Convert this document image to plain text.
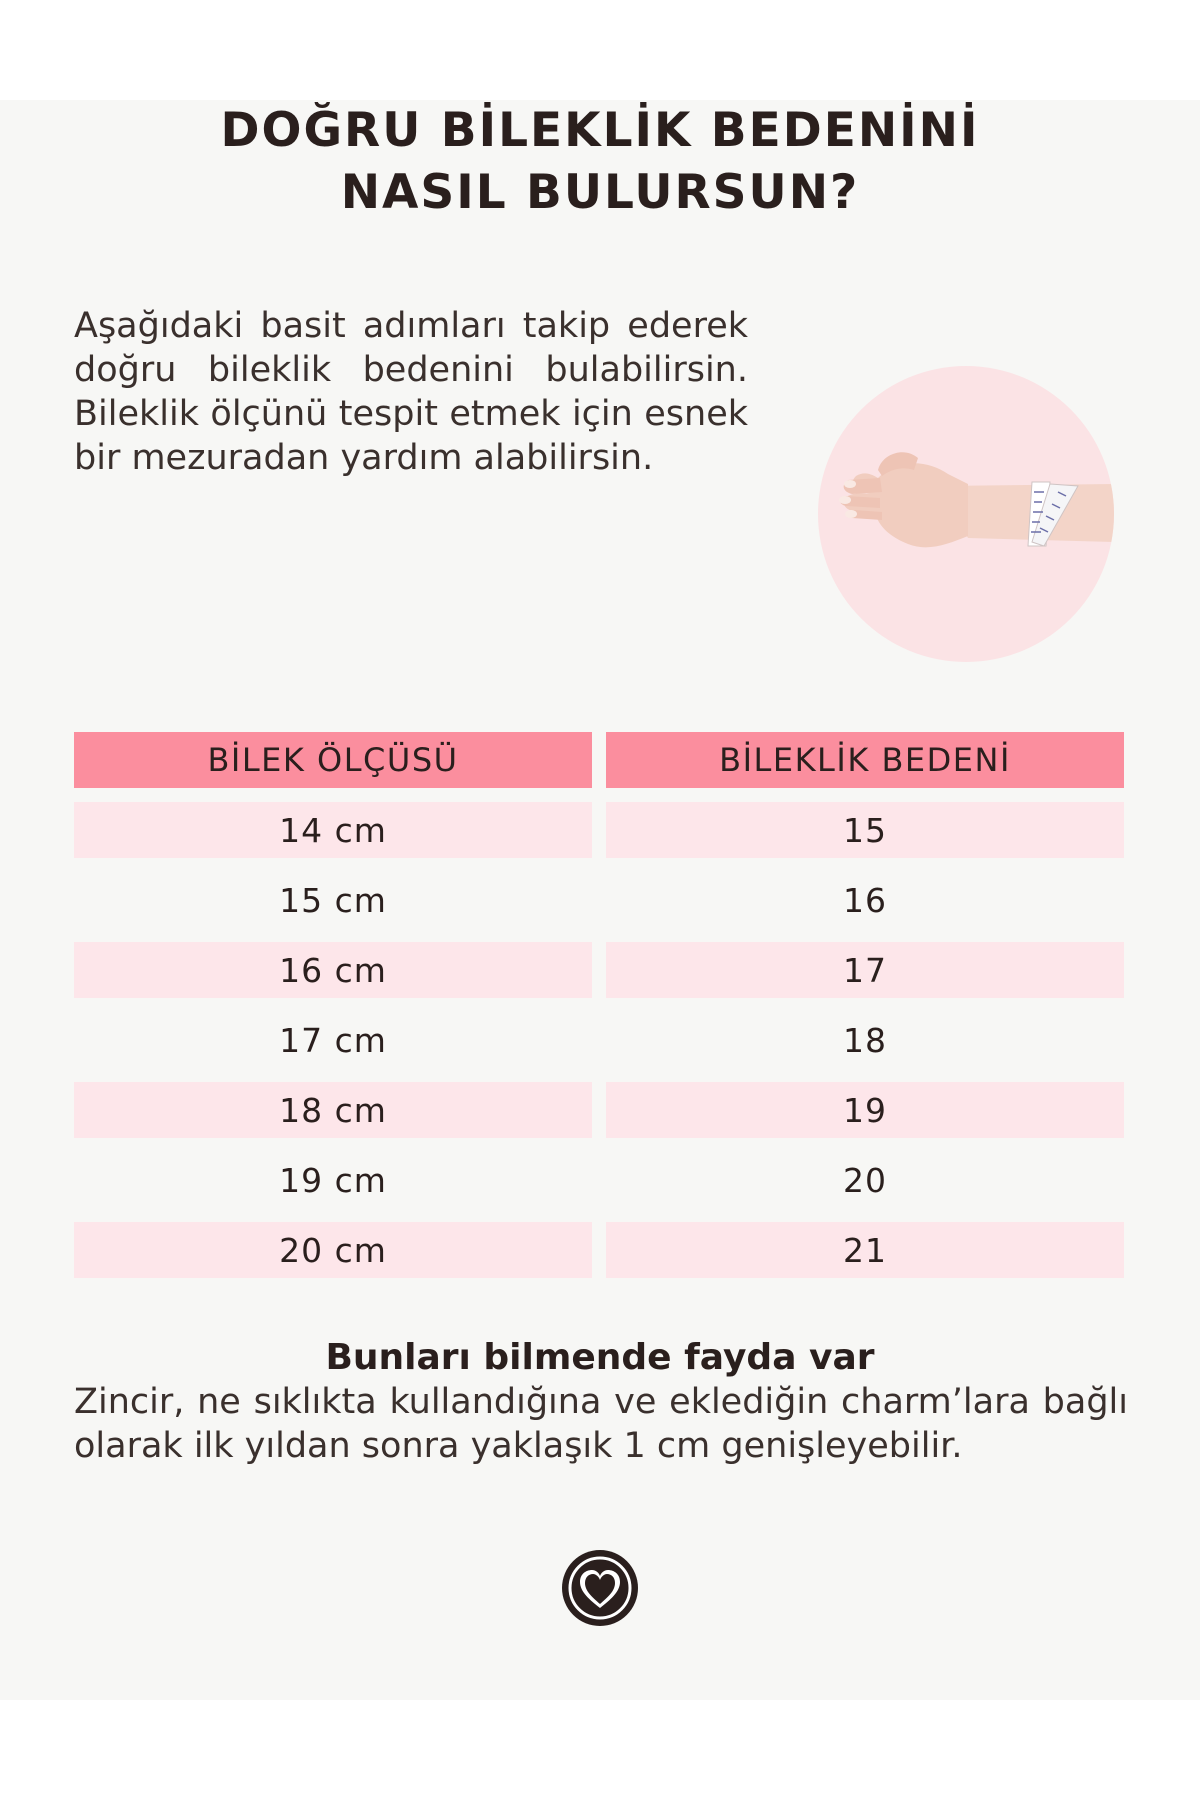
DOĞRU BİLEKLİK BEDENİNİ
NASIL BULURSUN?
Aşağıdaki basit adımları takip ederek doğru bileklik bedenini bulabilirsin. Bileklik ölçünü tespit etmek için esnek bir mezuradan yardım alabilirsin.
BİLEK ÖLÇÜSÜ	BİLEKLİK BEDENİ
14 cm	15
15 cm	16
16 cm	17
17 cm	18
18 cm	19
19 cm	20
20 cm	21
Bunları bilmende fayda var
Zincir, ne sıklıkta kullandığına ve eklediğin charm’lara bağlı olarak ilk yıldan sonra yaklaşık 1 cm genişleyebilir.
